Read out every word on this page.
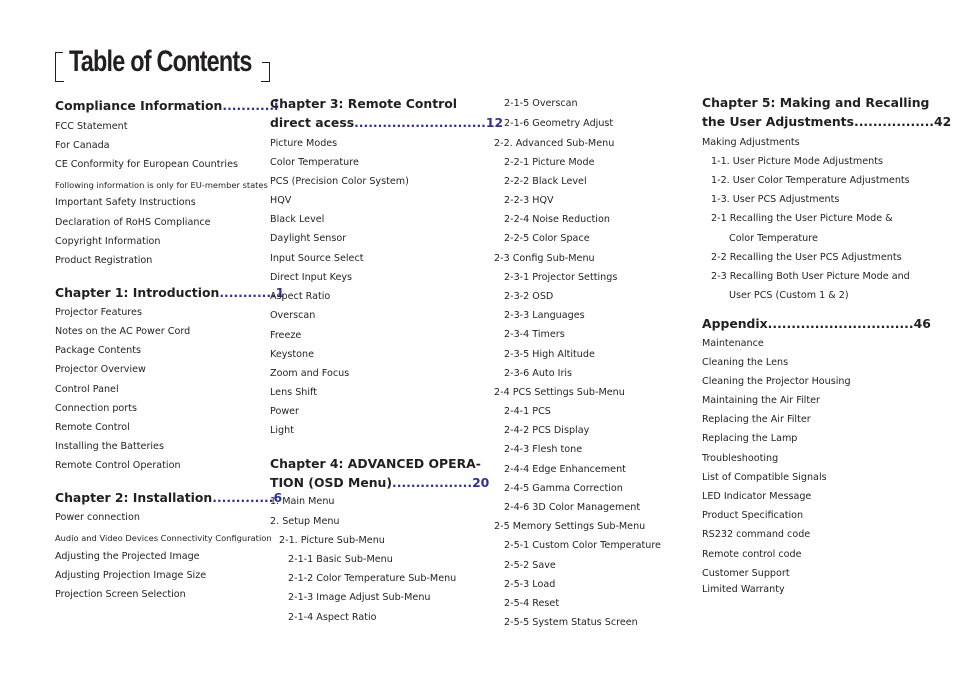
Table of Contents
Compliance Information...........i
FCC Statement
For Canada
CE Conformity for European Countries
Following information is only for EU-member states
Important Safety Instructions
Declaration of RoHS Compliance
Copyright Information
Product Registration
Chapter 1: Introduction............1
Projector Features
Notes on the AC Power Cord
Package Contents
Projector Overview
Control Panel
Connection ports
Remote Control
Installing the Batteries
Remote Control Operation
Chapter 2: Installation.............6
Power connection
Audio and Video Devices Connectivity Configuration
Adjusting the Projected Image
Adjusting Projection Image Size
Projection Screen Selection
Chapter 3: Remote Control
direct acess............................12
Picture Modes
Color Temperature
PCS (Precision Color System)
HQV
Black Level
Daylight Sensor
Input Source Select
Direct Input Keys
Aspect Ratio
Overscan
Freeze
Keystone
Zoom and Focus
Lens Shift
Power
Light
Chapter 4: ADVANCED OPERA-
TION (OSD Menu).................20
1. Main Menu
2. Setup Menu
2-1. Picture Sub-Menu
2-1-1 Basic Sub-Menu
2-1-2 Color Temperature Sub-Menu
2-1-3 Image Adjust Sub-Menu
2-1-4 Aspect Ratio
2-1-5 Overscan
2-1-6 Geometry Adjust
2-2. Advanced Sub-Menu
2-2-1 Picture Mode
2-2-2 Black Level
2-2-3 HQV
2-2-4 Noise Reduction
2-2-5 Color Space
2-3 Config Sub-Menu
2-3-1 Projector Settings
2-3-2 OSD
2-3-3 Languages
2-3-4 Timers
2-3-5 High Altitude
2-3-6 Auto Iris
2-4 PCS Settings Sub-Menu
2-4-1 PCS
2-4-2 PCS Display
2-4-3 Flesh tone
2-4-4 Edge Enhancement
2-4-5 Gamma Correction
2-4-6 3D Color Management
2-5 Memory Settings Sub-Menu
2-5-1 Custom Color Temperature
2-5-2 Save
2-5-3 Load
2-5-4 Reset
2-5-5 System Status Screen
Chapter 5: Making and Recalling
the User Adjustments.................42
Making Adjustments
1-1. User Picture Mode Adjustments
1-2. User Color Temperature Adjustments
1-3. User PCS Adjustments
2-1 Recalling the User Picture Mode &
Color Temperature
2-2 Recalling the User PCS Adjustments
2-3 Recalling Both User Picture Mode and
User PCS (Custom 1 & 2)
Appendix...............................46
Maintenance
Cleaning the Lens
Cleaning the Projector Housing
Maintaining the Air Filter
Replacing the Air Filter
Replacing the Lamp
Troubleshooting
List of Compatible Signals
LED Indicator Message
Product Specification
RS232 command code
Remote control code
Customer Support
Limited Warranty
